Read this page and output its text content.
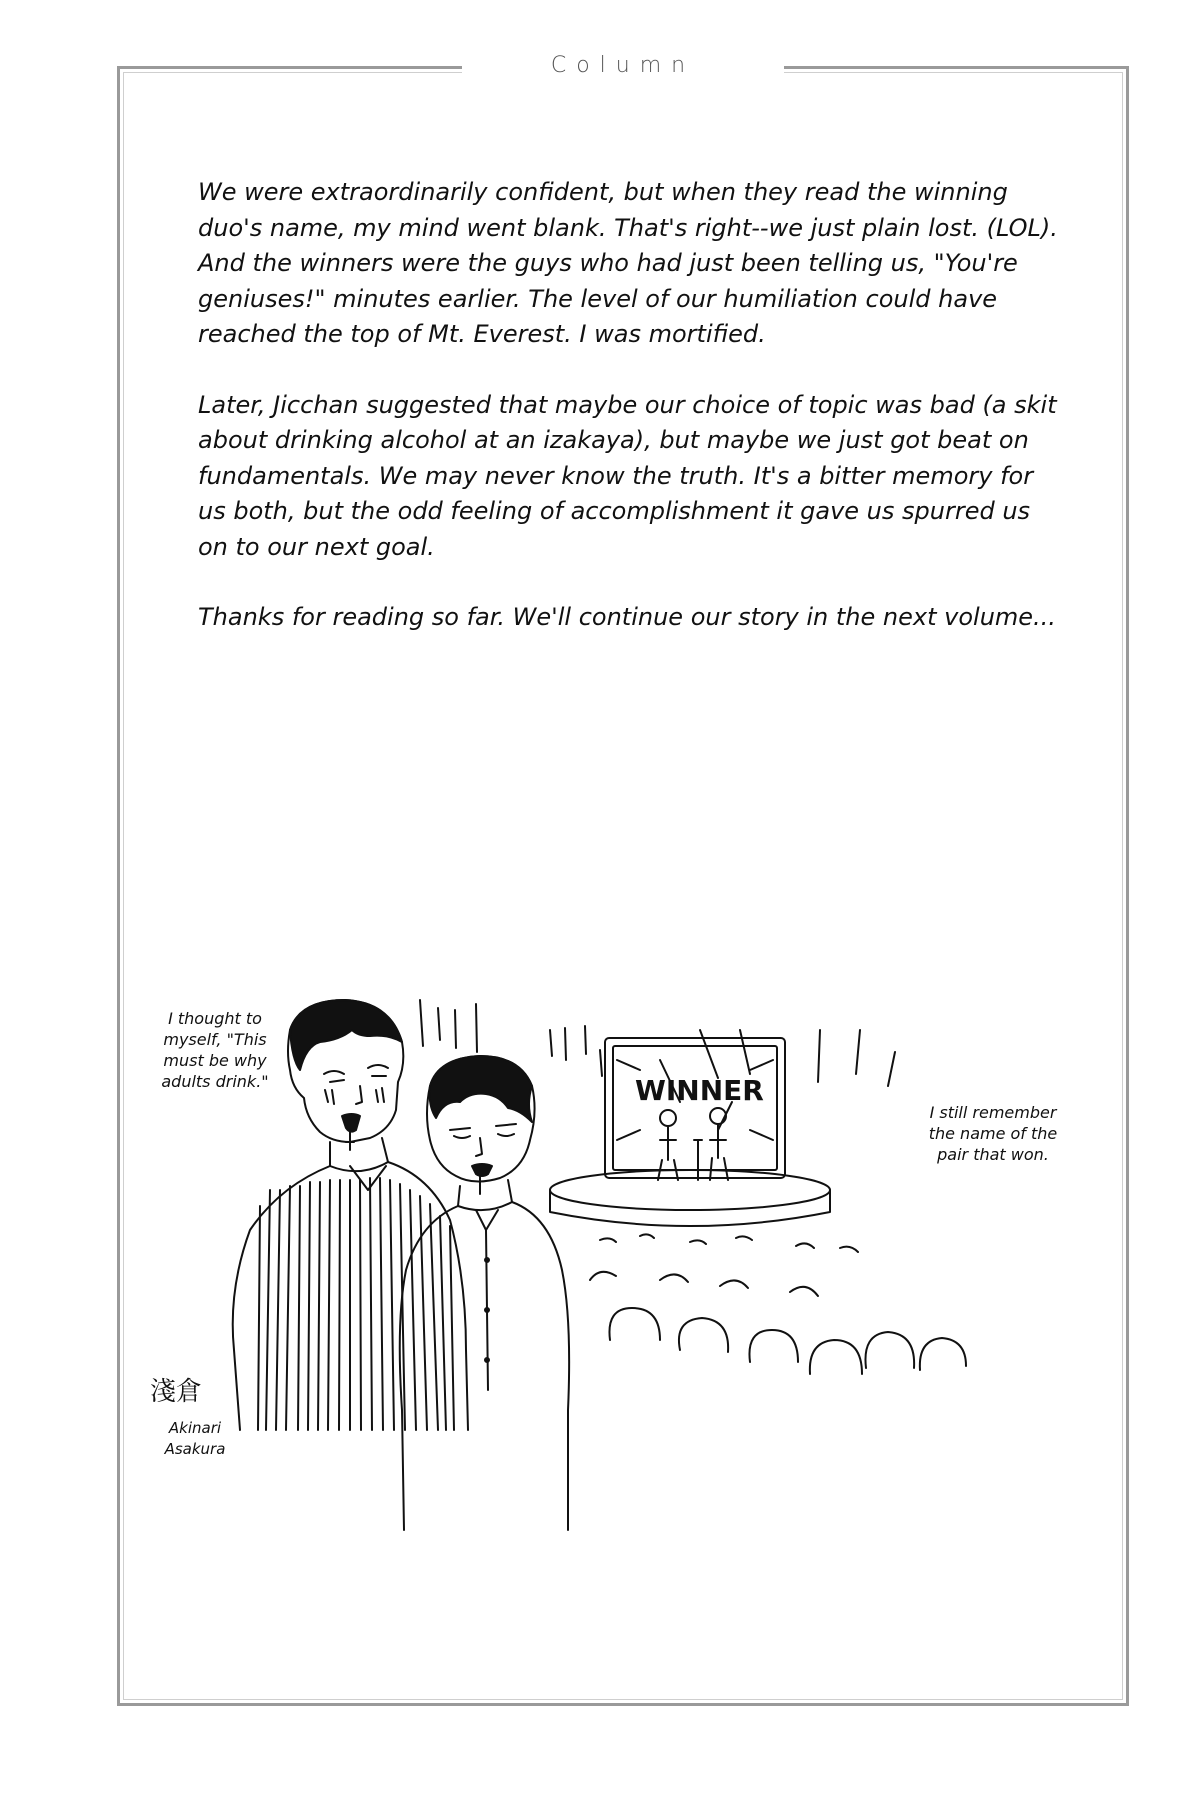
Column

We were extraordinarily confident, but when they read the winning duo's name, my mind went blank. That's right--we just plain lost. (LOL). And the winners were the guys who had just been telling us, "You're geniuses!" minutes earlier. The level of our humiliation could have reached the top of Mt. Everest. I was mortified.

Later, Jicchan suggested that maybe our choice of topic was bad (a skit about drinking alcohol at an izakaya), but maybe we just got beat on fundamentals. We may never know the truth. It's a bitter memory for us both, but the odd feeling of accomplishment it gave us spurred us on to our next goal.

Thanks for reading so far. We'll continue our story in the next volume...

I thought to myself, "This must be why adults drink."
I still remember the name of the pair that won.
WINNER
淺倉
Akinari Asakura
